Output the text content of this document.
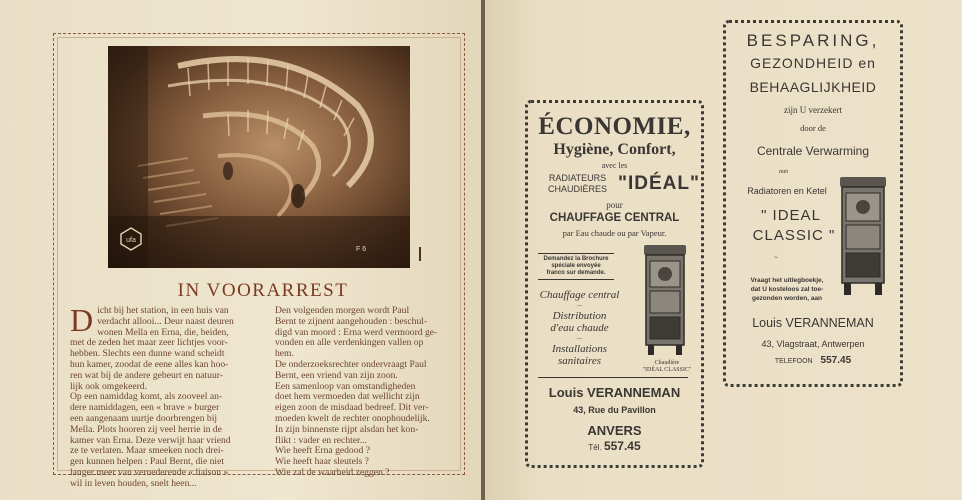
ufa
F 6
IN VOORARREST

Dicht bij het station, in een huis van

verdacht allooi... Deur naast deuren
wonen Mella en Erna, die, beiden,
met de zeden het maar zeer lichtjes voor-
hebben. Slechts een dunne wand scheidt
hun kamer, zoodat de eene alles kan hoo-
ren wat bij de andere gebeurt en natuur-
lijk ook omgekeerd.
Op een namiddag komt, als zooveel an-
dere namiddagen, een « brave » burger
een aangenaam uurtje doorbrengen bij
Mella. Plots hooren zij veel herrie in de
kamer van Erna. Deze verwijt haar vriend
ze te verlaten. Maar smeeken noch drei-
gen kunnen helpen : Paul Bernt, die niet
langer meer van vernederende « liaison »
wil in leven houden, snelt heen...
Den volgenden morgen wordt Paul
Bernt te zijnent aangehouden : beschul-
digd van moord : Erna werd vermoord ge-
vonden en alle verdenkingen vallen op
hem.
De onderzoeksrechter ondervraagt Paul
Bernt, een vriend van zijn zoon.
Een samenloop van omstandigheden
doet hem vermoeden dat wellicht zijn
eigen zoon de misdaad bedreef. Dit ver-
moeden kwelt de rechter onophoudelijk.
In zijn binnenste rijpt alsdan het kon-
flikt : vader en rechter...
Wie heeft Erna gedood ?
Wie heeft haar sleutels ?
Wie zal de waarheid zeggen ?
ÉCONOMIE,
Hygiène, Confort,
avec les
RADIATEURS
CHAUDIÈRES "IDÉAL"
pour
CHAUFFAGE CENTRAL
par Eau chaude ou par Vapeur.
Demandez la Brochure
spéciale envoyée
franco sur demande.
Chauffage central
—
Distribution
d'eau chaude
—
Installations
sanitaires	Chaudière
"IDÉAL CLASSIC"
Louis VERANNEMAN
43, Rue du Pavillon
ANVERS
Tél. 557.45
BESPARING,
GEZONDHEID en
BEHAAGLIJKHEID
zijn U verzekert
door de
Centrale Verwarming
met
Radiatoren en Ketel
" IDEAL
CLASSIC "
~
Vraagt het uitlegboekje,
dat U kosteloos zal toe-
gezonden worden, aan
Louis VERANNEMAN
43, Vlagstraat, Antwerpen
TELEFOON 557.45
